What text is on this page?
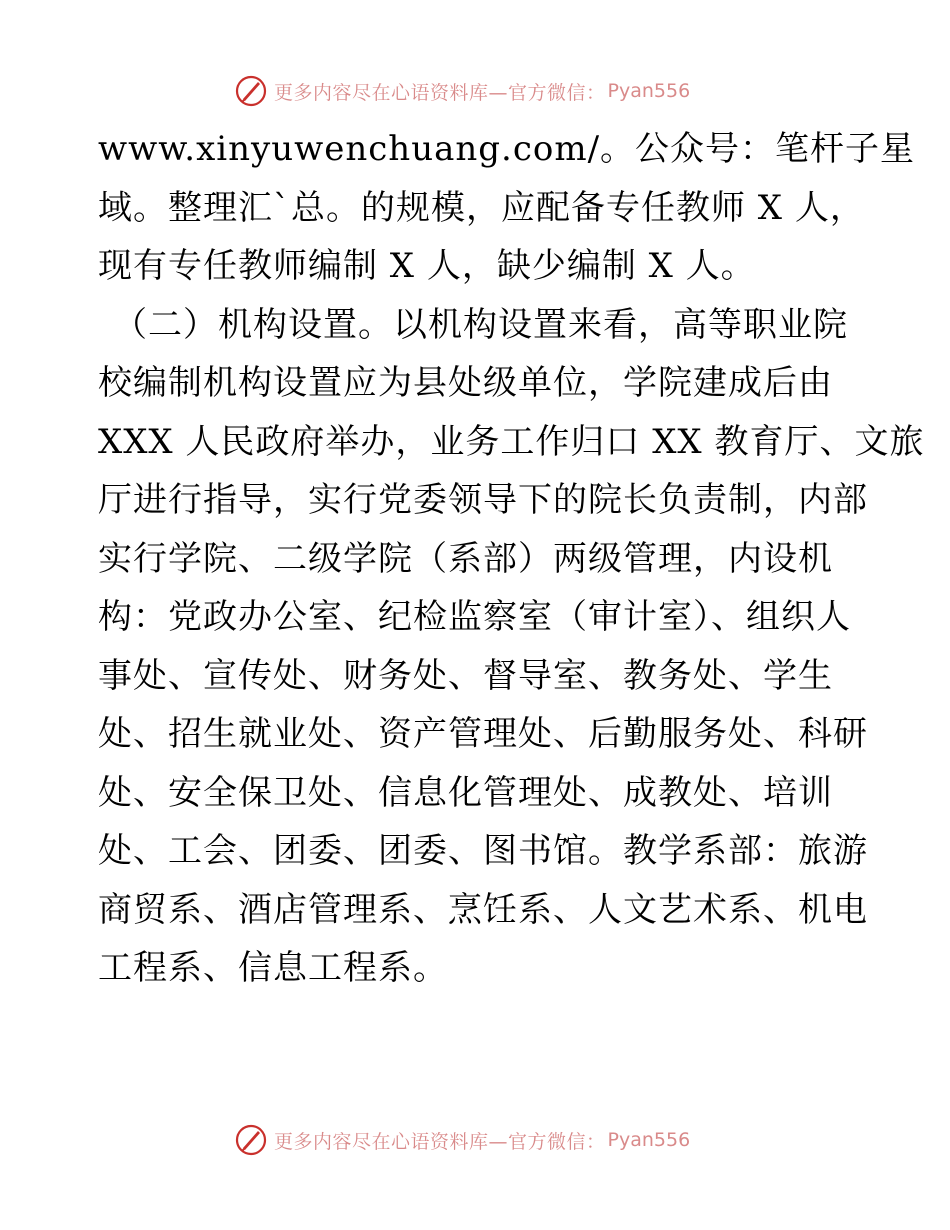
更多内容尽在心语资料库—官方微信： Pyan556

www.xinyuwenchuang.com/。公众号：笔杆子星
域。整理汇`总。的规模，应配备专任教师 X 人，
现有专任教师编制 X 人，缺少编制 X 人。

（二）机构设置。以机构设置来看，高等职业院
校编制机构设置应为县处级单位，学院建成后由
XXX 人民政府举办，业务工作归口 XX 教育厅、文旅
厅进行指导，实行党委领导下的院长负责制，内部
实行学院、二级学院（系部）两级管理，内设机
构：党政办公室、纪检监察室（审计室）、组织人
事处、宣传处、财务处、督导室、教务处、学生
处、招生就业处、资产管理处、后勤服务处、科研
处、安全保卫处、信息化管理处、成教处、培训
处、工会、团委、团委、图书馆。教学系部：旅游
商贸系、酒店管理系、烹饪系、人文艺术系、机电
工程系、信息工程系。

更多内容尽在心语资料库—官方微信： Pyan556
